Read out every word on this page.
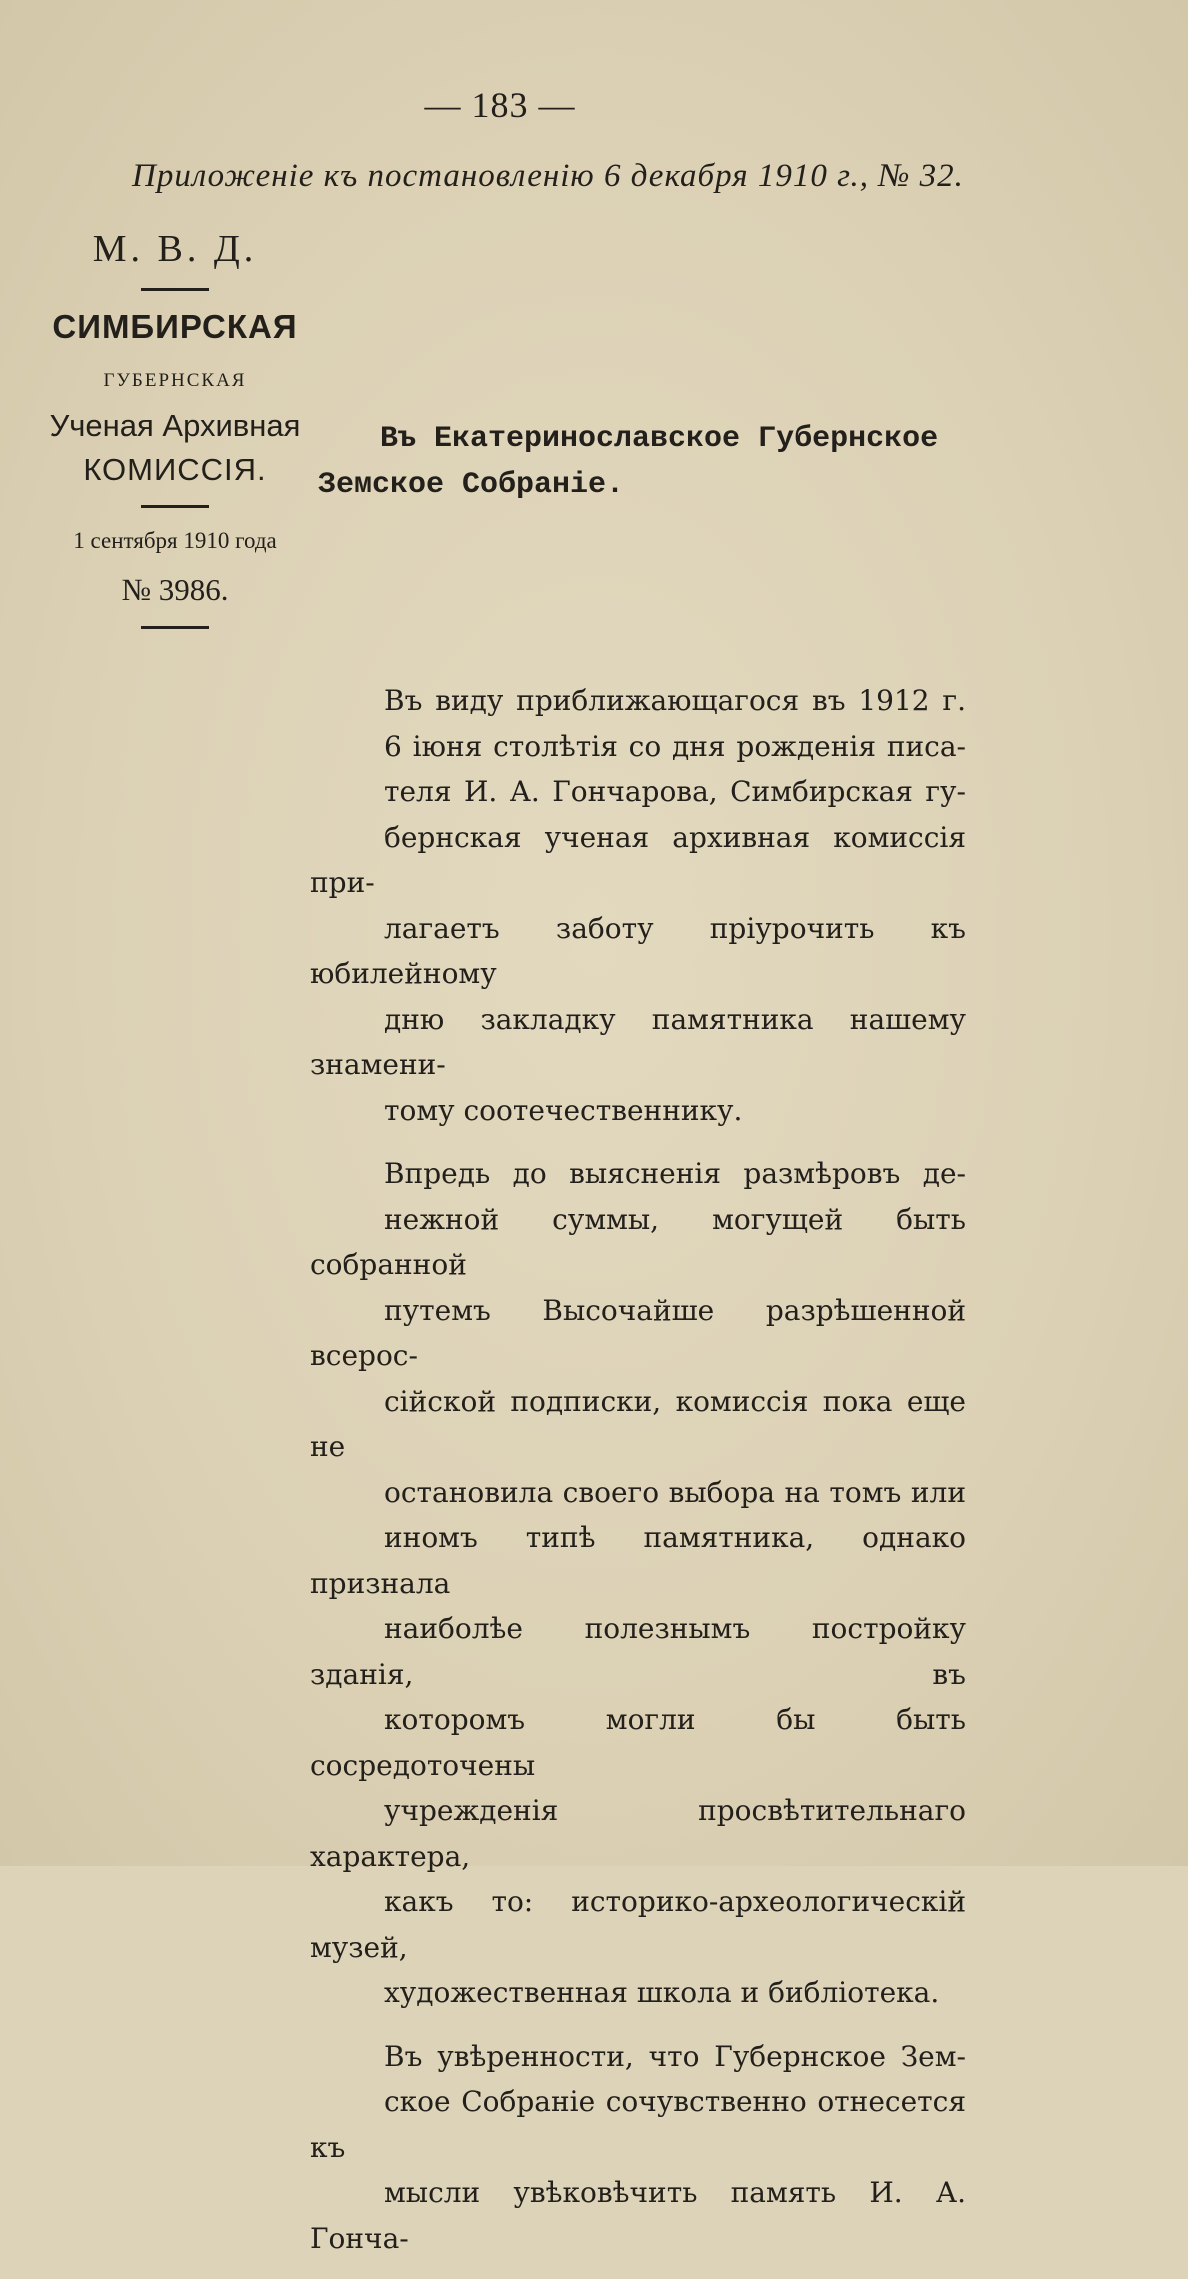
— 183 —
Приложеніе къ постановленію 6 декабря 1910 г., № 32.
М. В. Д.
СИМБИРСКАЯ
ГУБЕРНСКАЯ
Ученая Архивная
КОМИССІЯ.
1 сентября 1910 года
№ 3986.
Въ Екатеринославское Губернское
Земское Собраніе.

Въ виду приближающагося въ 1912 г.
6 іюня столѣтія со дня рожденія писа-
теля И. А. Гончарова, Симбирская гу-
бернская ученая архивная комиссія при-
лагаетъ заботу пріурочить къ юбилейному
дню закладку памятника нашему знамени-
тому соотечественнику.

Впредь до выясненія размѣровъ де-
нежной суммы, могущей быть собранной
путемъ Высочайше разрѣшенной всерос-
сійской подписки, комиссія пока еще не
остановила своего выбора на томъ или
иномъ типѣ памятника, однако признала
наиболѣе полезнымъ постройку зданія, въ
которомъ могли бы быть сосредоточены
учрежденія просвѣтительнаго характера,
какъ то: историко-археологическій музей,
художественная школа и библіотека.

Въ увѣренности, что Губернское Зем-
ское Собраніе сочувственно отнесется къ
мысли увѣковѣчить память И. А. Гонча-
